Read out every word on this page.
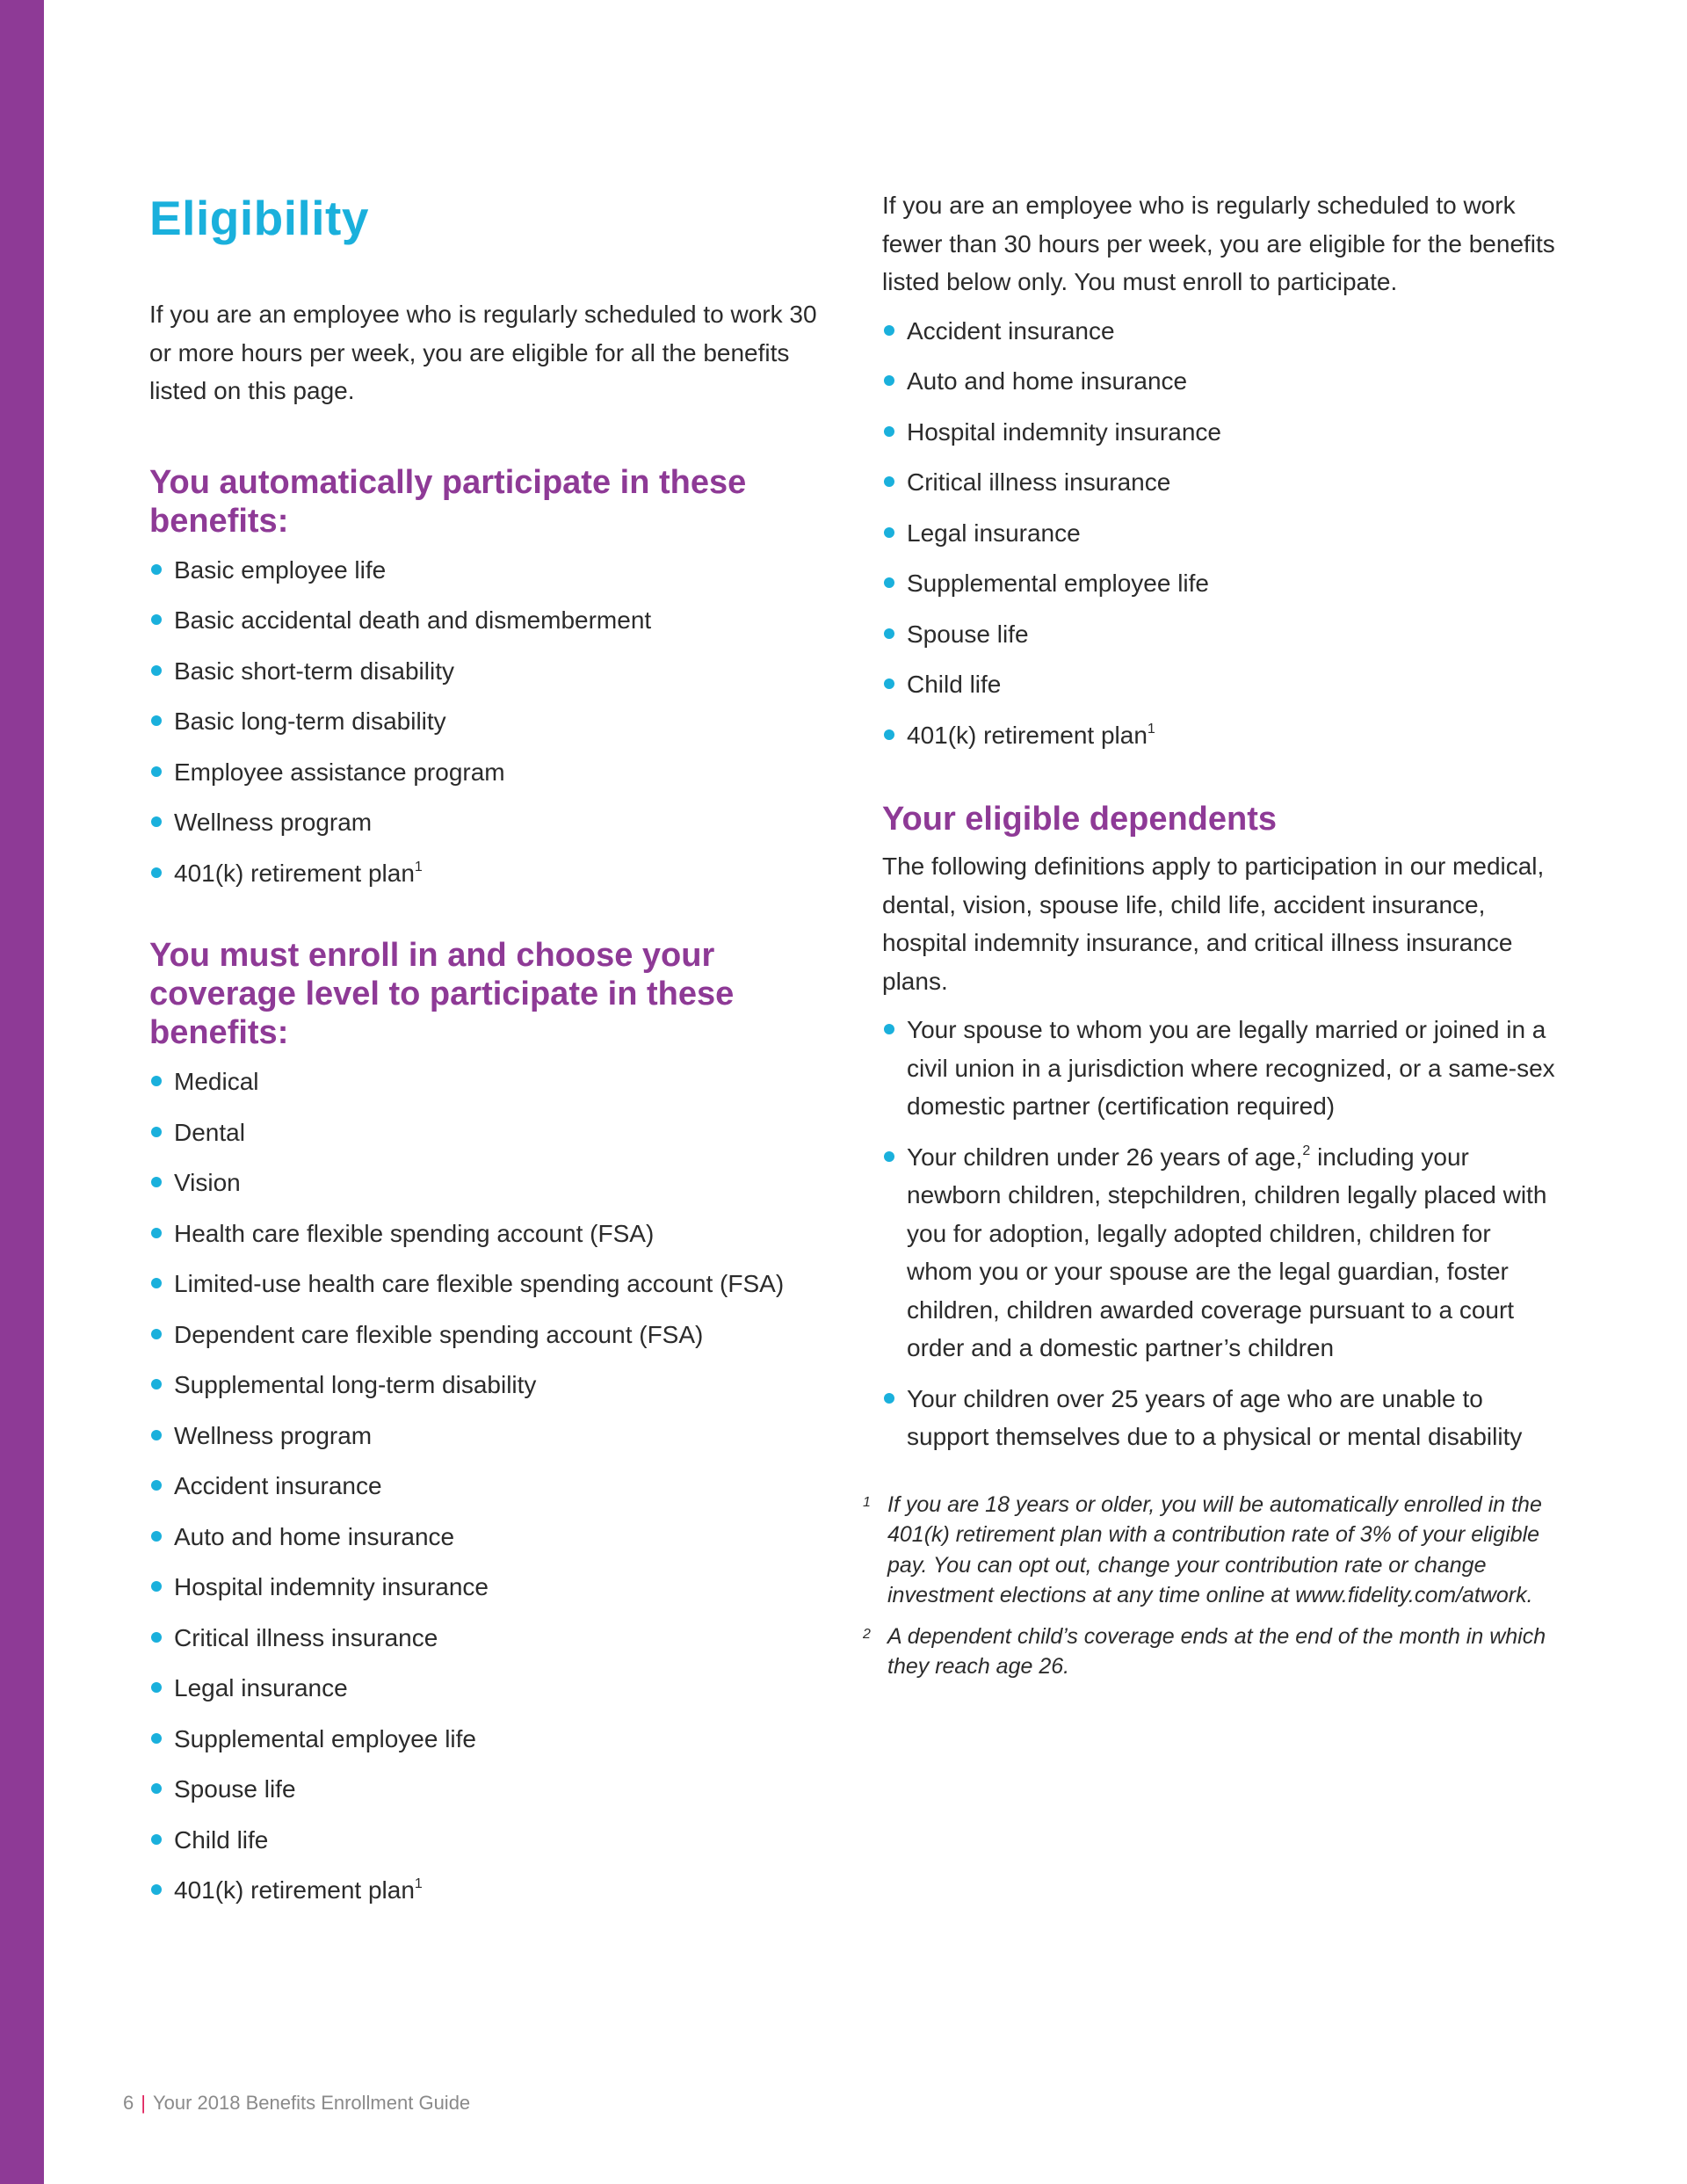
Eligibility

If you are an employee who is regularly scheduled to work 30 or more hours per week, you are eligible for all the benefits listed on this page.

You automatically participate in these benefits:
Basic employee life
Basic accidental death and dismemberment
Basic short-term disability
Basic long-term disability
Employee assistance program
Wellness program
401(k) retirement plan$^1$
You must enroll in and choose your coverage level to participate in these benefits:
Medical
Dental
Vision
Health care flexible spending account (FSA)
Limited-use health care flexible spending account (FSA)
Dependent care flexible spending account (FSA)
Supplemental long-term disability
Wellness program
Accident insurance
Auto and home insurance
Hospital indemnity insurance
Critical illness insurance
Legal insurance
Supplemental employee life
Spouse life
Child life
401(k) retirement plan$^1$

If you are an employee who is regularly scheduled to work fewer than 30 hours per week, you are eligible for the benefits listed below only. You must enroll to participate.

Accident insurance
Auto and home insurance
Hospital indemnity insurance
Critical illness insurance
Legal insurance
Supplemental employee life
Spouse life
Child life
401(k) retirement plan$^1$
Your eligible dependents

The following definitions apply to participation in our medical, dental, vision, spouse life, child life, accident insurance, hospital indemnity insurance, and critical illness insurance plans.

Your spouse to whom you are legally married or joined in a civil union in a jurisdiction where recognized, or a same-sex domestic partner (certification required)
Your children under 26 years of age,$^2$ including your newborn children, stepchildren, children legally placed with you for adoption, legally adopted children, children for whom you or your spouse are the legal guardian, foster children, children awarded coverage pursuant to a court order and a domestic partner’s children
Your children over 25 years of age who are unable to support themselves due to a physical or mental disability
1 If you are 18 years or older, you will be automatically enrolled in the 401(k) retirement plan with a contribution rate of 3% of your eligible pay. You can opt out, change your contribution rate or change investment elections at any time online at www.fidelity.com/atwork.
2 A dependent child’s coverage ends at the end of the month in which they reach age 26.
6 | Your 2018 Benefits Enrollment Guide
